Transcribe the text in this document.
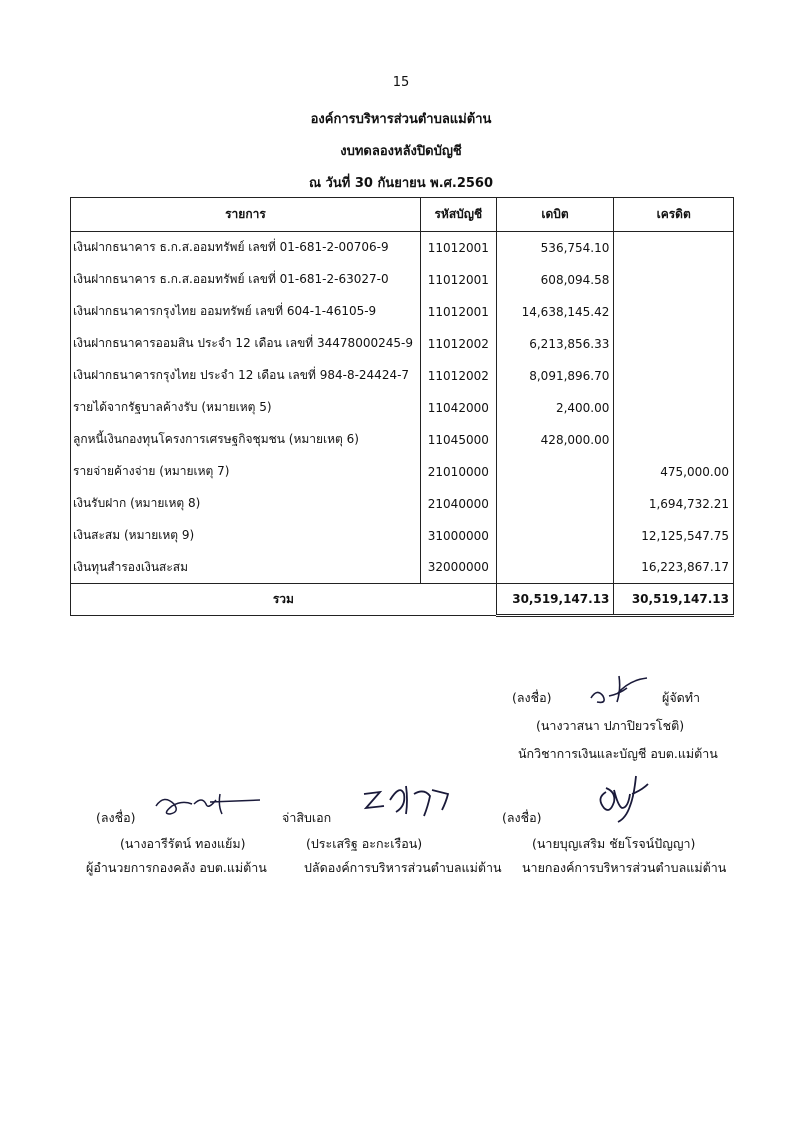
15
องค์การบริหารส่วนตำบลแม่ต้าน
งบทดลองหลังปิดบัญชี
ณ วันที่ 30 กันยายน พ.ศ.2560
รายการ	รหัสบัญชี	เดบิต	เครดิต
เงินฝากธนาคาร ธ.ก.ส.ออมทรัพย์ เลขที่ 01-681-2-00706-9	11012001	536,754.10	
เงินฝากธนาคาร ธ.ก.ส.ออมทรัพย์ เลขที่ 01-681-2-63027-0	11012001	608,094.58	
เงินฝากธนาคารกรุงไทย ออมทรัพย์ เลขที่ 604-1-46105-9	11012001	14,638,145.42	
เงินฝากธนาคารออมสิน ประจำ 12 เดือน เลขที่ 34478000245-9	11012002	6,213,856.33	
เงินฝากธนาคารกรุงไทย ประจำ 12 เดือน เลขที่ 984-8-24424-7	11012002	8,091,896.70	
รายได้จากรัฐบาลค้างรับ (หมายเหตุ 5)	11042000	2,400.00	
ลูกหนี้เงินกองทุนโครงการเศรษฐกิจชุมชน (หมายเหตุ 6)	11045000	428,000.00	
รายจ่ายค้างจ่าย (หมายเหตุ 7)	21010000		475,000.00
เงินรับฝาก (หมายเหตุ 8)	21040000		1,694,732.21
เงินสะสม (หมายเหตุ 9)	31000000		12,125,547.75
เงินทุนสำรองเงินสะสม	32000000		16,223,867.17
รวม		30,519,147.13	30,519,147.13
(ลงชื่อ)	ผู้จัดทำ
(นางวาสนา ปภาปิยวรโชติ)
นักวิชาการเงินและบัญชี อบต.แม่ต้าน
(ลงชื่อ)
(นางอารีรัตน์ ทองแย้ม)
ผู้อำนวยการกองคลัง อบต.แม่ต้าน
จ่าสิบเอก
(ประเสริฐ อะกะเรือน)
ปลัดองค์การบริหารส่วนตำบลแม่ต้าน
(ลงชื่อ)
(นายบุญเสริม ชัยโรจน์ปัญญา)
นายกองค์การบริหารส่วนตำบลแม่ต้าน
